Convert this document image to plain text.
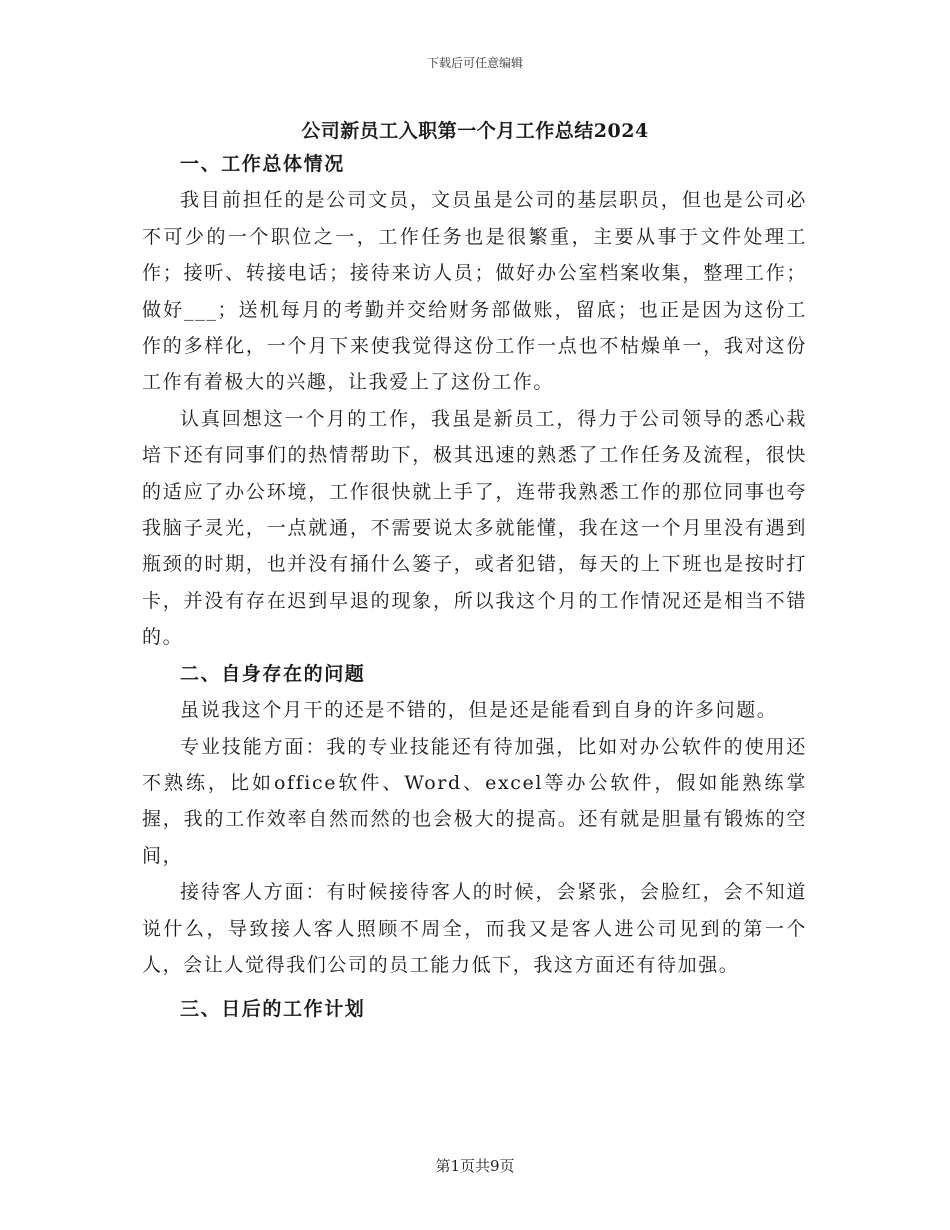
下载后可任意编辑
公司新员工入职第一个月工作总结2024

一、工作总体情况

我目前担任的是公司文员，文员虽是公司的基层职员，但也是公司必不可少的一个职位之一，工作任务也是很繁重，主要从事于文件处理工作；接听、转接电话；接待来访人员；做好办公室档案收集，整理工作；做好___；送机每月的考勤并交给财务部做账，留底；也正是因为这份工作的多样化，一个月下来使我觉得这份工作一点也不枯燥单一，我对这份工作有着极大的兴趣，让我爱上了这份工作。

认真回想这一个月的工作，我虽是新员工，得力于公司领导的悉心栽培下还有同事们的热情帮助下，极其迅速的熟悉了工作任务及流程，很快的适应了办公环境，工作很快就上手了，连带我熟悉工作的那位同事也夸我脑子灵光，一点就通，不需要说太多就能懂，我在这一个月里没有遇到瓶颈的时期，也并没有捅什么篓子，或者犯错，每天的上下班也是按时打卡，并没有存在迟到早退的现象，所以我这个月的工作情况还是相当不错的。

二、自身存在的问题

虽说我这个月干的还是不错的，但是还是能看到自身的许多问题。

专业技能方面：我的专业技能还有待加强，比如对办公软件的使用还不熟练，比如office软件、Word、excel等办公软件，假如能熟练掌握，我的工作效率自然而然的也会极大的提高。还有就是胆量有锻炼的空间，

接待客人方面：有时候接待客人的时候，会紧张，会脸红，会不知道说什么，导致接人客人照顾不周全，而我又是客人进公司见到的第一个人，会让人觉得我们公司的员工能力低下，我这方面还有待加强。

三、日后的工作计划

第1页共9页
